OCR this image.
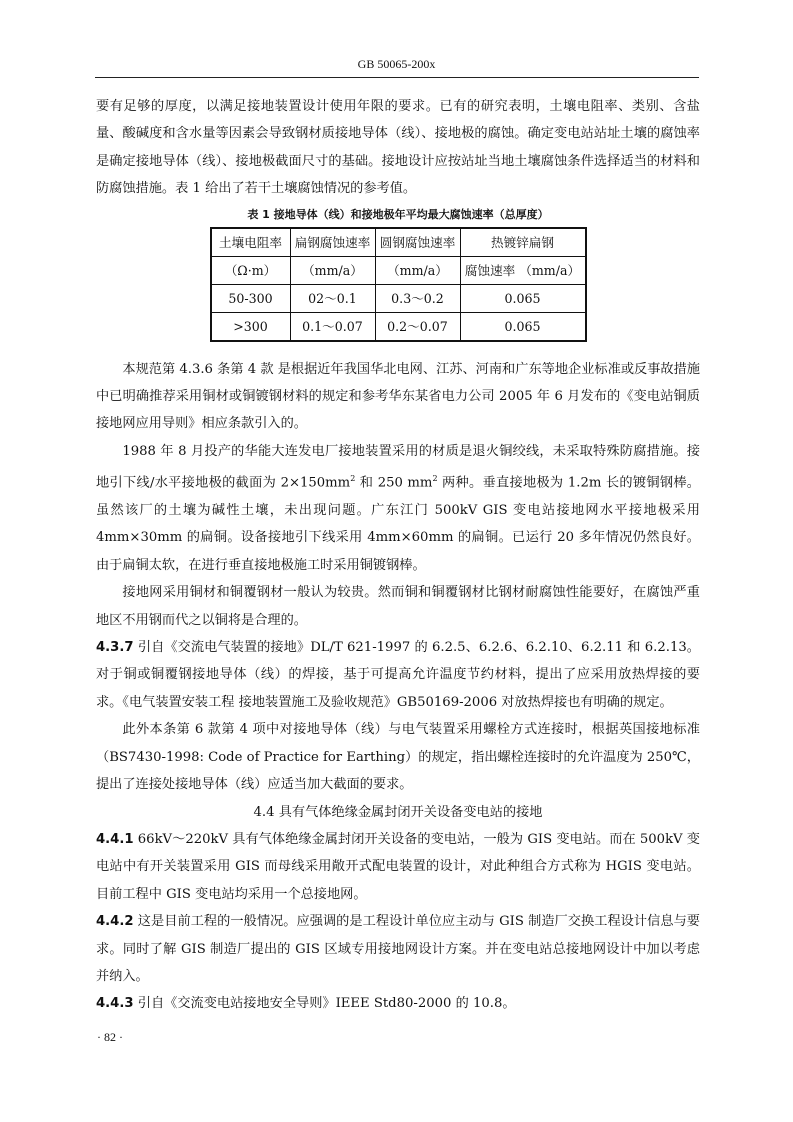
GB 50065-200x

要有足够的厚度，以满足接地装置设计使用年限的要求。已有的研究表明，土壤电阻率、类别、含盐量、酸碱度和含水量等因素会导致钢材质接地导体（线）、接地极的腐蚀。确定变电站站址土壤的腐蚀率是确定接地导体（线）、接地极截面尺寸的基础。接地设计应按站址当地土壤腐蚀条件选择适当的材料和防腐蚀措施。表 1 给出了若干土壤腐蚀情况的参考值。

表 1 接地导体（线）和接地极年平均最大腐蚀速率（总厚度）
土壤电阻率	扁钢腐蚀速率	圆钢腐蚀速率	热镀锌扁钢
（Ω·m）	（mm/a）	（mm/a）	腐蚀速率 （mm/a）
50-300	02～0.1	0.3～0.2	0.065
>300	0.1～0.07	0.2～0.07	0.065

本规范第 4.3.6 条第 4 款 是根据近年我国华北电网、江苏、河南和广东等地企业标准或反事故措施中已明确推荐采用铜材或铜镀钢材料的规定和参考华东某省电力公司 2005 年 6 月发布的《变电站铜质接地网应用导则》相应条款引入的。

1988 年 8 月投产的华能大连发电厂接地装置采用的材质是退火铜绞线，未采取特殊防腐措施。接地引下线/水平接地极的截面为 $2\times 150mm^2$ 和 250 $mm^2$ 两种。垂直接地极为 1.2m 长的镀铜钢棒。虽然该厂的土壤为碱性土壤，未出现问题。广东江门 500kV GIS 变电站接地网水平接地极采用 4mm×30mm 的扁铜。设备接地引下线采用 4mm×60mm 的扁铜。已运行 20 多年情况仍然良好。由于扁铜太软，在进行垂直接地极施工时采用铜镀钢棒。

接地网采用铜材和铜覆钢材一般认为较贵。然而铜和铜覆钢材比钢材耐腐蚀性能要好，在腐蚀严重地区不用钢而代之以铜将是合理的。

4.3.7 引自《交流电气装置的接地》DL/T 621-1997 的 6.2.5、6.2.6、6.2.10、6.2.11 和 6.2.13。对于铜或铜覆钢接地导体（线）的焊接，基于可提高允许温度节约材料，提出了应采用放热焊接的要求。《电气装置安装工程 接地装置施工及验收规范》GB50169-2006 对放热焊接也有明确的规定。

此外本条第 6 款第 4 项中对接地导体（线）与电气装置采用螺栓方式连接时，根据英国接地标准（BS7430-1998: Code of Practice for Earthing）的规定，指出螺栓连接时的允许温度为 250℃，提出了连接处接地导体（线）应适当加大截面的要求。

4.4 具有气体绝缘金属封闭开关设备变电站的接地

4.4.1 66kV～220kV 具有气体绝缘金属封闭开关设备的变电站，一般为 GIS 变电站。而在 500kV 变电站中有开关装置采用 GIS 而母线采用敞开式配电装置的设计，对此种组合方式称为 HGIS 变电站。目前工程中 GIS 变电站均采用一个总接地网。

4.4.2 这是目前工程的一般情况。应强调的是工程设计单位应主动与 GIS 制造厂交换工程设计信息与要求。同时了解 GIS 制造厂提出的 GIS 区域专用接地网设计方案。并在变电站总接地网设计中加以考虑并纳入。

4.4.3 引自《交流变电站接地安全导则》IEEE Std80-2000 的 10.8。

· 82 ·
